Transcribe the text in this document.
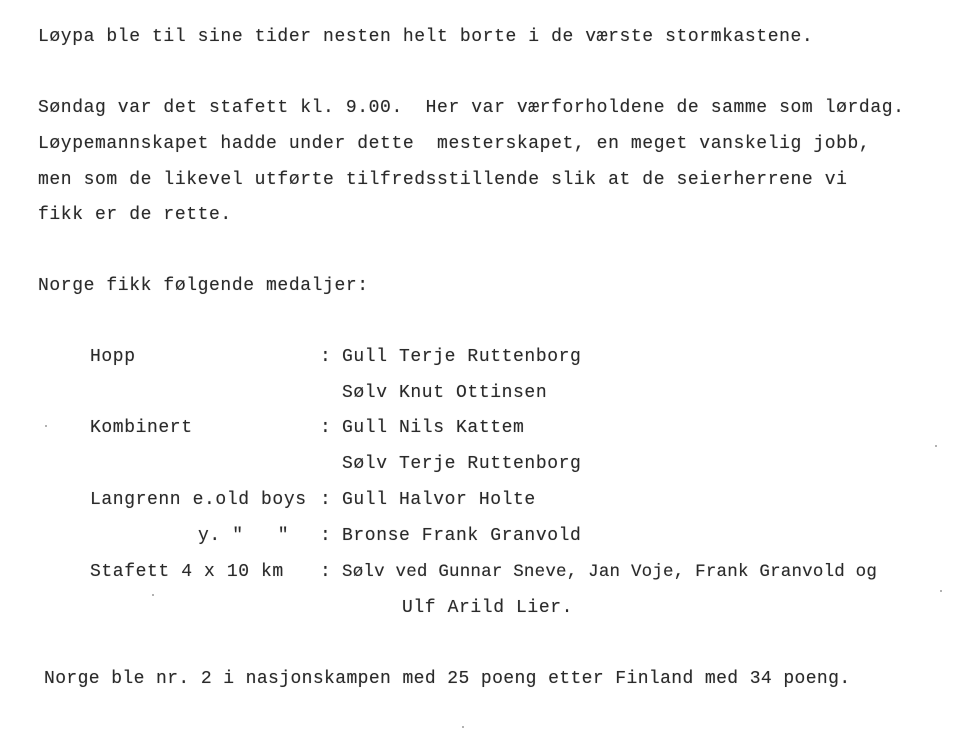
Løypa ble til sine tider nesten helt borte i de værste stormkastene.
Søndag var det stafett kl. 9.00.  Her var værforholdene de samme som lørdag.
Løypemannskapet hadde under dette  mesterskapet, en meget vanskelig jobb,
men som de likevel utførte tilfredsstillende slik at de seierherrene vi
fikk er de rette.
Norge fikk følgende medaljer:
Hopp	: Gull Terje Ruttenborg
Sølv Knut Ottinsen
Kombinert	: Gull Nils Kattem
Sølv Terje Ruttenborg
Langrenn e.old boys : Gull Halvor Holte
y. "   " : Bronse Frank Granvold
Stafett 4 x 10 km : Sølv ved Gunnar Sneve, Jan Voje, Frank Granvold og
Ulf Arild Lier.
Norge ble nr. 2 i nasjonskampen med 25 poeng etter Finland med 34 poeng.
